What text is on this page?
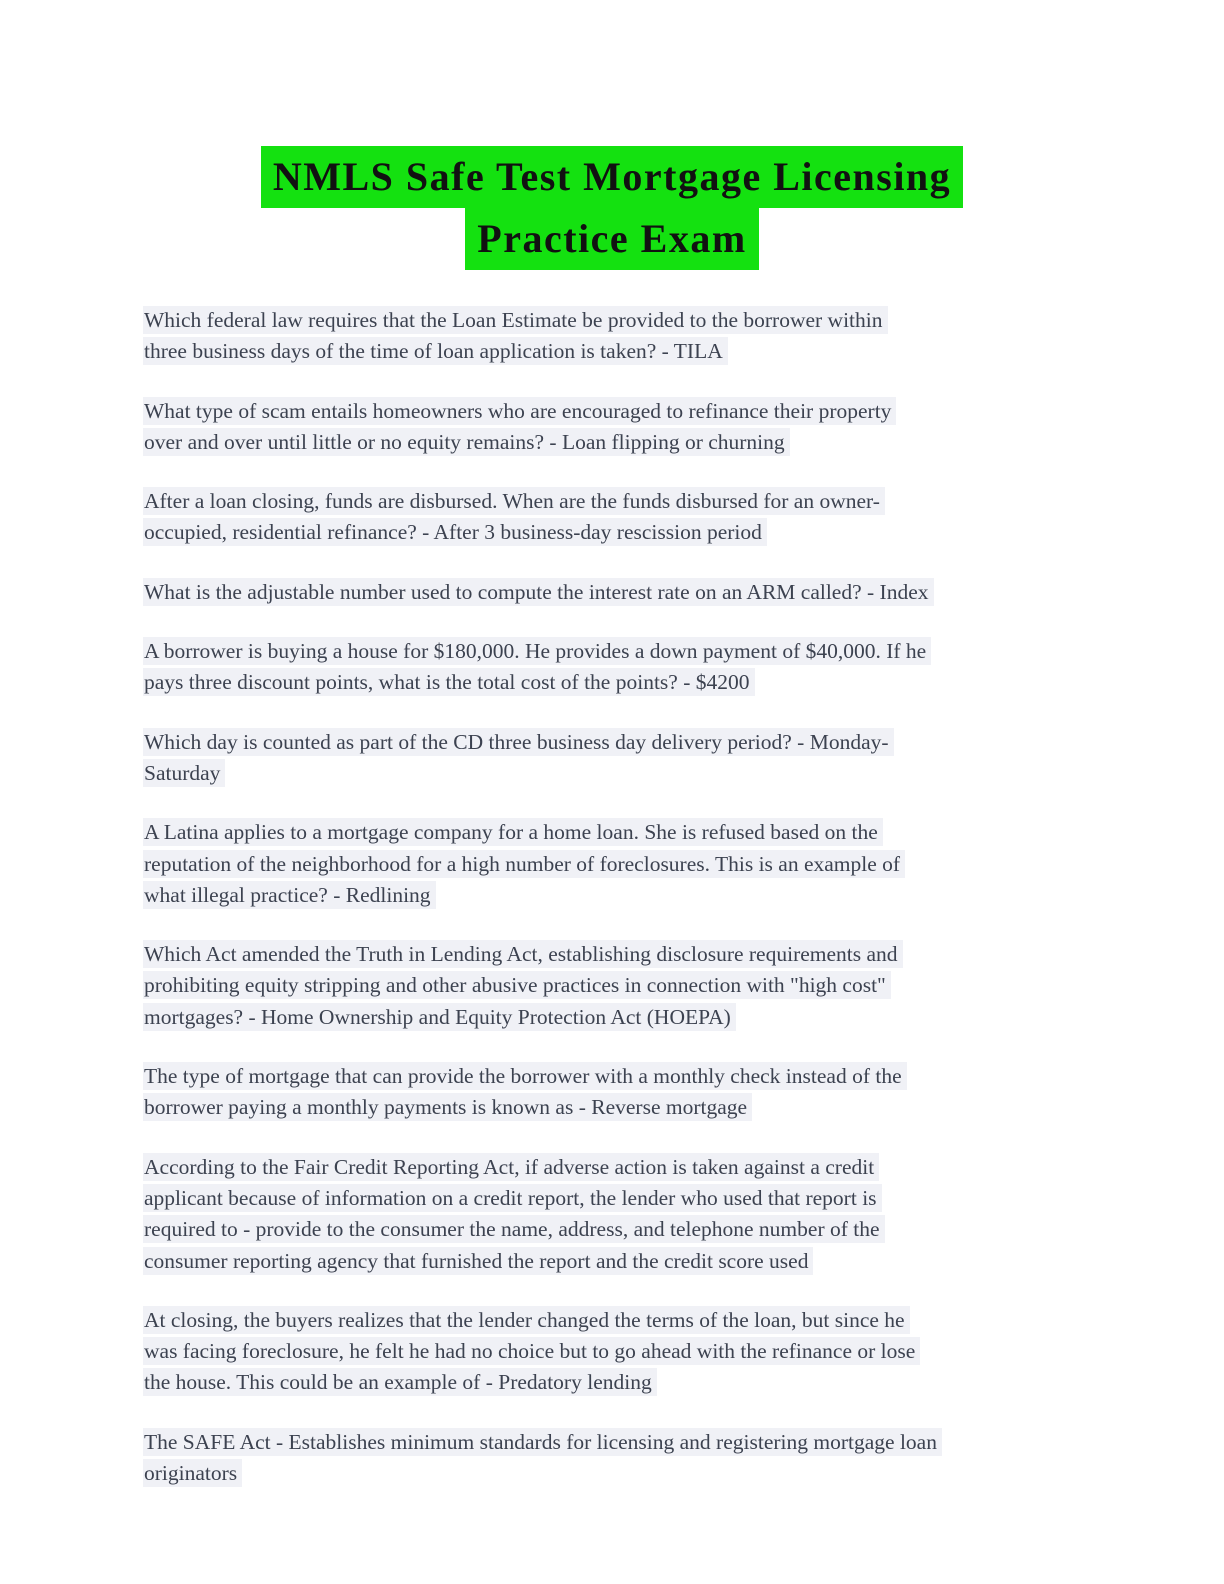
NMLS Safe Test Mortgage Licensing
Practice Exam
Which federal law requires that the Loan Estimate be provided to the borrower within
three business days of the time of loan application is taken? - TILA
What type of scam entails homeowners who are encouraged to refinance their property
over and over until little or no equity remains? - Loan flipping or churning
After a loan closing, funds are disbursed. When are the funds disbursed for an owner-
occupied, residential refinance? - After 3 business-day rescission period
What is the adjustable number used to compute the interest rate on an ARM called? - Index
A borrower is buying a house for $180,000. He provides a down payment of $40,000. If he
pays three discount points, what is the total cost of the points? - $4200
Which day is counted as part of the CD three business day delivery period? - Monday-
Saturday
A Latina applies to a mortgage company for a home loan. She is refused based on the
reputation of the neighborhood for a high number of foreclosures. This is an example of
what illegal practice? - Redlining
Which Act amended the Truth in Lending Act, establishing disclosure requirements and
prohibiting equity stripping and other abusive practices in connection with "high cost"
mortgages? - Home Ownership and Equity Protection Act (HOEPA)
The type of mortgage that can provide the borrower with a monthly check instead of the
borrower paying a monthly payments is known as - Reverse mortgage
According to the Fair Credit Reporting Act, if adverse action is taken against a credit
applicant because of information on a credit report, the lender who used that report is
required to - provide to the consumer the name, address, and telephone number of the
consumer reporting agency that furnished the report and the credit score used
At closing, the buyers realizes that the lender changed the terms of the loan, but since he
was facing foreclosure, he felt he had no choice but to go ahead with the refinance or lose
the house. This could be an example of - Predatory lending
The SAFE Act - Establishes minimum standards for licensing and registering mortgage loan
originators
